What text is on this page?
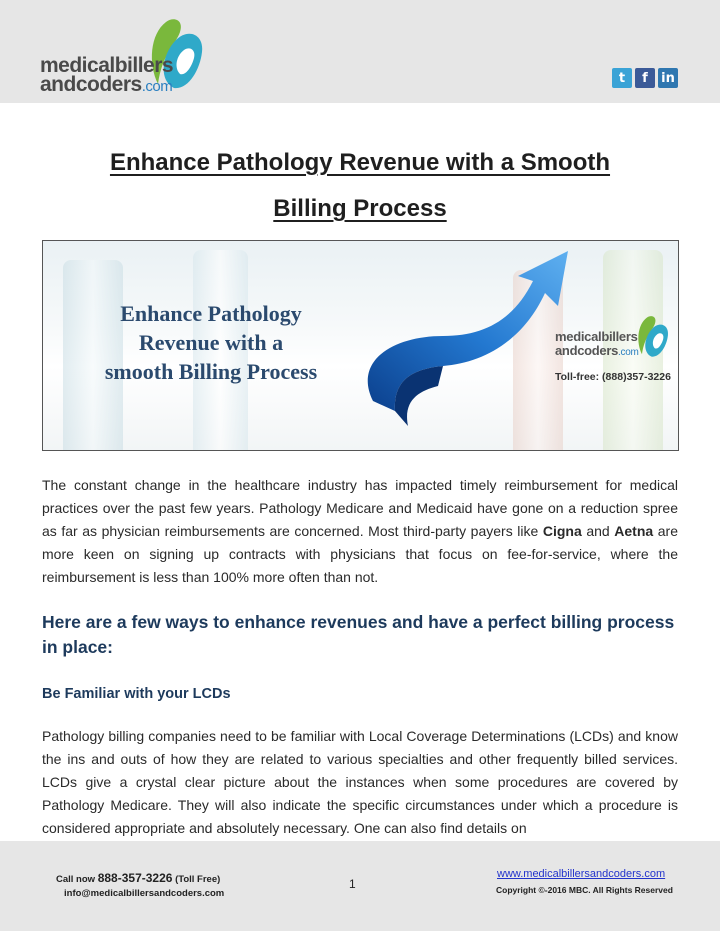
medicalbillers
andcoders.com	t	f	in
Enhance Pathology Revenue with a Smooth
Billing Process
Enhance Pathology
Revenue with a
smooth Billing Process
medicalbillers
andcoders.com
Toll-free: (888)357-3226
The constant change in the healthcare industry has impacted timely reimbursement for medical practices over the past few years. Pathology Medicare and Medicaid have gone on a reduction spree as far as physician reimbursements are concerned. Most third-party payers like Cigna and Aetna are more keen on signing up contracts with physicians that focus on fee-for-service, where the reimbursement is less than 100% more often than not.
Here are a few ways to enhance revenues and have a perfect billing process in place:
Be Familiar with your LCDs
Pathology billing companies need to be familiar with Local Coverage Determinations (LCDs) and know the ins and outs of how they are related to various specialties and other frequently billed services. LCDs give a crystal clear picture about the instances when some procedures are covered by Pathology Medicare. They will also indicate the specific circumstances under which a procedure is considered appropriate and absolutely necessary. One can also find details on
Call now 888-357-3226 (Toll Free)
info@medicalbillersandcoders.com
1
www.medicalbillersandcoders.com
Copyright ©-2016 MBC. All Rights Reserved
